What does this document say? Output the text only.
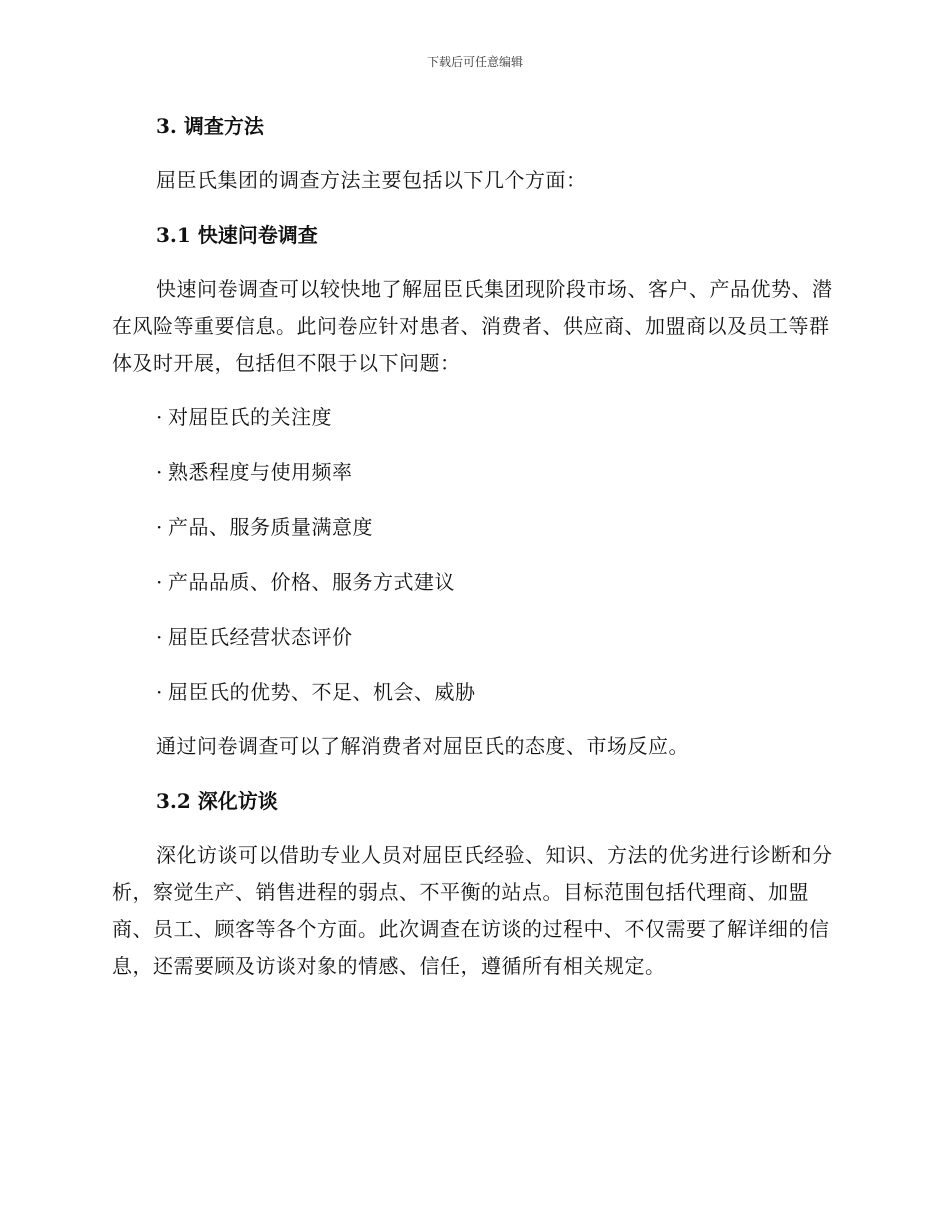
下载后可任意编辑
3. 调查方法

屈臣氏集团的调查方法主要包括以下几个方面：

3.1 快速问卷调查

快速问卷调查可以较快地了解屈臣氏集团现阶段市场、客户、产品优势、潜在风险等重要信息。此问卷应针对患者、消费者、供应商、加盟商以及员工等群体及时开展，包括但不限于以下问题：

· 对屈臣氏的关注度

· 熟悉程度与使用频率

· 产品、服务质量满意度

· 产品品质、价格、服务方式建议

· 屈臣氏经营状态评价

· 屈臣氏的优势、不足、机会、威胁

通过问卷调查可以了解消费者对屈臣氏的态度、市场反应。

3.2 深化访谈

深化访谈可以借助专业人员对屈臣氏经验、知识、方法的优劣进行诊断和分析，察觉生产、销售进程的弱点、不平衡的站点。目标范围包括代理商、加盟商、员工、顾客等各个方面。此次调查在访谈的过程中、不仅需要了解详细的信息，还需要顾及访谈对象的情感、信任，遵循所有相关规定。
